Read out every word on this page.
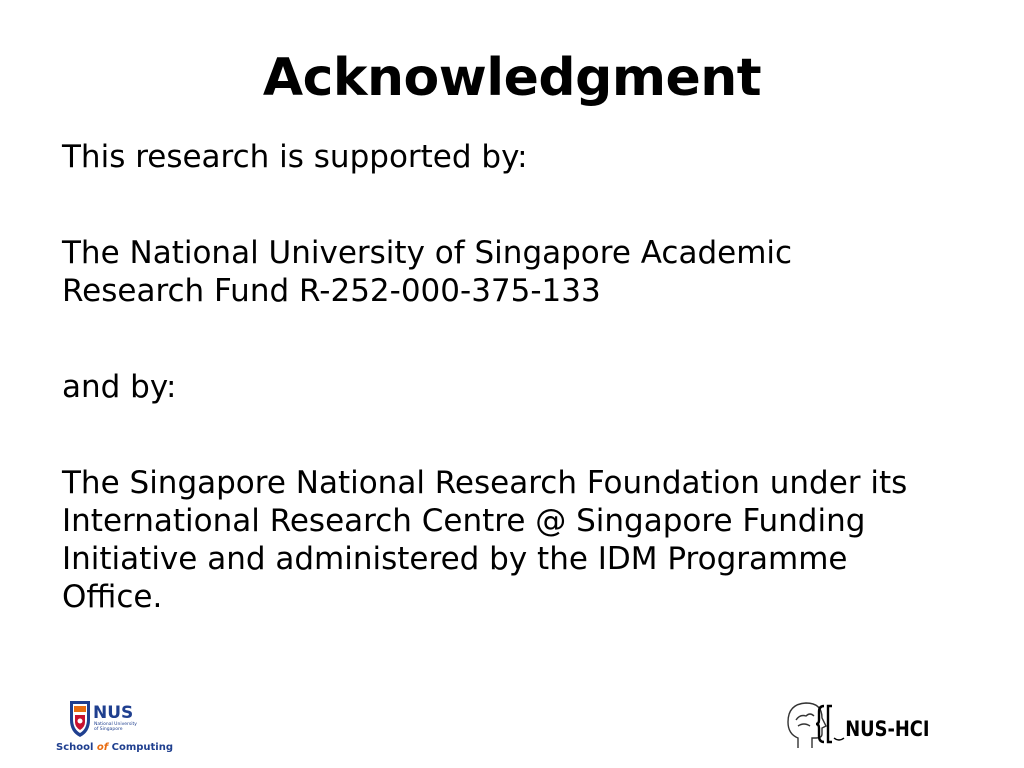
Acknowledgment

This research is supported by:

The National University of Singapore Academic
Research Fund R-252-000-375-133

and by:

The Singapore National Research Foundation under its
International Research Centre @ Singapore Funding
Initiative and administered by the IDM Programme
Office.

NUS
National University
of Singapore
School of Computing
NUS-HCI
